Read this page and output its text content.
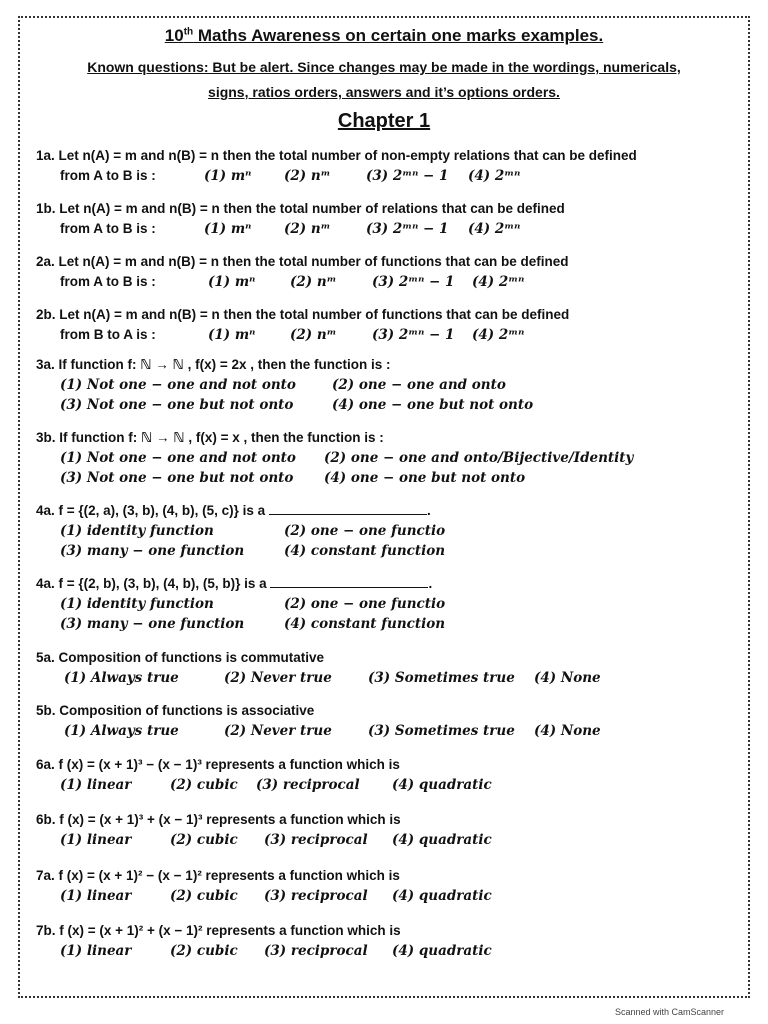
10th Maths Awareness on certain one marks examples.
Known questions: But be alert. Since changes may be made in the wordings, numericals,
signs, ratios orders, answers and it’s options orders.
Chapter 1
1a. Let n(A) = m and n(B) = n then the total number of non-empty relations that can be defined
from A to B is :	(1) mⁿ (2) nᵐ	(3) 2ᵐⁿ − 1 (4) 2ᵐⁿ
1b. Let n(A) = m and n(B) = n then the total number of relations that can be defined
from A to B is :	(1) mⁿ (2) nᵐ	(3) 2ᵐⁿ − 1 (4) 2ᵐⁿ
2a. Let n(A) = m and n(B) = n then the total number of functions that can be defined
from A to B is :	(1) mⁿ	(2) nᵐ	(3) 2ᵐⁿ − 1 (4) 2ᵐⁿ
2b. Let n(A) = m and n(B) = n then the total number of functions that can be defined
from B to A is :	(1) mⁿ	(2) nᵐ	(3) 2ᵐⁿ − 1 (4) 2ᵐⁿ
3a. If function f: ℕ → ℕ , f(x) = 2x , then the function is :
(1) Not one − one and not onto	(2) one − one and onto
(3) Not one − one but not onto	(4) one − one but not onto
3b. If function f: ℕ → ℕ , f(x) = x , then the function is :
(1) Not one − one and not onto (2) one − one and onto/Bijective/Identity
(3) Not one − one but not onto (4) one − one but not onto
4a. f = {(2, a), (3, b), (4, b), (5, c)} is a	.
(1) identity function	(2) one − one functio
(3) many − one function	(4) constant function
4a. f = {(2, b), (3, b), (4, b), (5, b)} is a	.
(1) identity function	(2) one − one functio
(3) many − one function	(4) constant function
5a. Composition of functions is commutative
(1) Always true	(2) Never true	(3) Sometimes true (4) None
5b. Composition of functions is associative
(1) Always true	(2) Never true	(3) Sometimes true (4) None
6a. f (x) = (x + 1)³ − (x − 1)³ represents a function which is
(1) linear	(2) cubic (3) reciprocal (4) quadratic
6b. f (x) = (x + 1)³ + (x − 1)³ represents a function which is
(1) linear	(2) cubic (3) reciprocal (4) quadratic
7a. f (x) = (x + 1)² − (x − 1)² represents a function which is
(1) linear	(2) cubic (3) reciprocal (4) quadratic
7b. f (x) = (x + 1)² + (x − 1)² represents a function which is
(1) linear	(2) cubic (3) reciprocal (4) quadratic
Scanned with CamScanner
